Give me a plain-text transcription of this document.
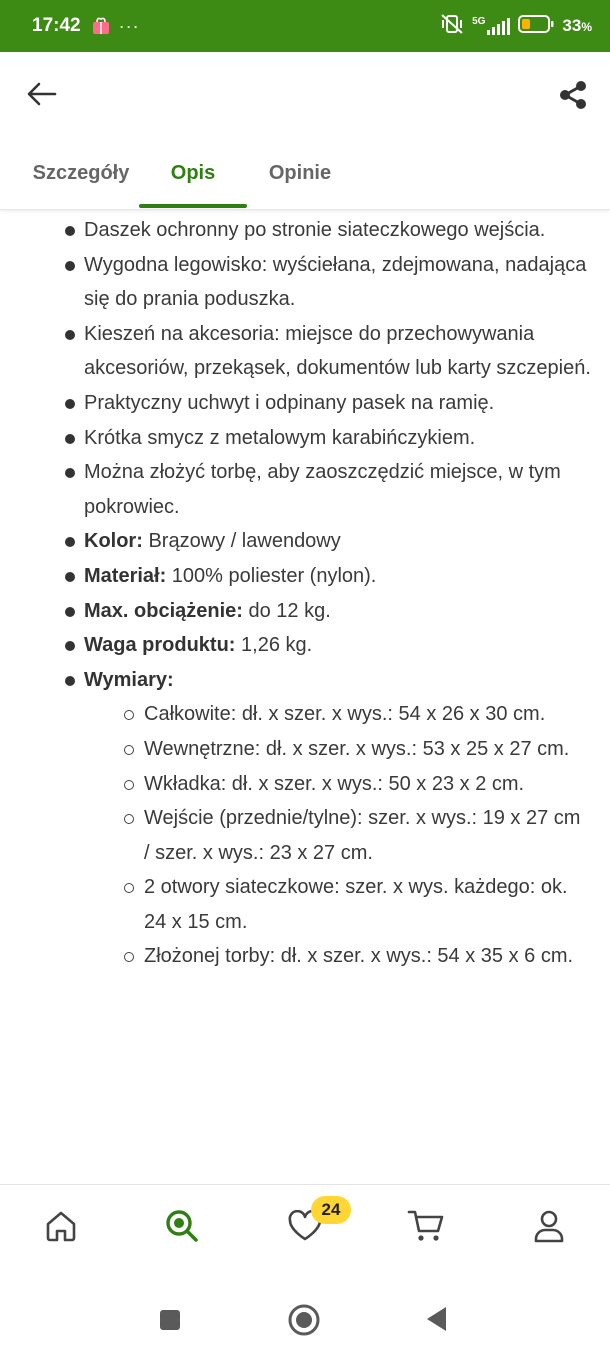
17:42 ···	5G	33%
Szczegóły	Opis	Opinie
Daszek ochronny po stronie siateczkowego wejścia.
Wygodna legowisko: wyściełana, zdejmowana, nadająca się do prania poduszka.
Kieszeń na akcesoria: miejsce do przechowywania akcesoriów, przekąsek, dokumentów lub karty szczepień.
Praktyczny uchwyt i odpinany pasek na ramię.
Krótka smycz z metalowym karabińczykiem.
Można złożyć torbę, aby zaoszczędzić miejsce, w tym pokrowiec.
Kolor: Brązowy / lawendowy
Materiał: 100% poliester (nylon).
Max. obciążenie: do 12 kg.
Waga produktu: 1,26 kg.
Wymiary:
Całkowite: dł. x szer. x wys.: 54 x 26 x 30 cm.
Wewnętrzne: dł. x szer. x wys.: 53 x 25 x 27 cm.
Wkładka: dł. x szer. x wys.: 50 x 23 x 2 cm.
Wejście (przednie/tylne): szer. x wys.: 19 x 27 cm / szer. x wys.: 23 x 27 cm.
2 otwory siateczkowe: szer. x wys. każdego: ok. 24 x 15 cm.
Złożonej torby: dł. x szer. x wys.: 54 x 35 x 6 cm.
24
